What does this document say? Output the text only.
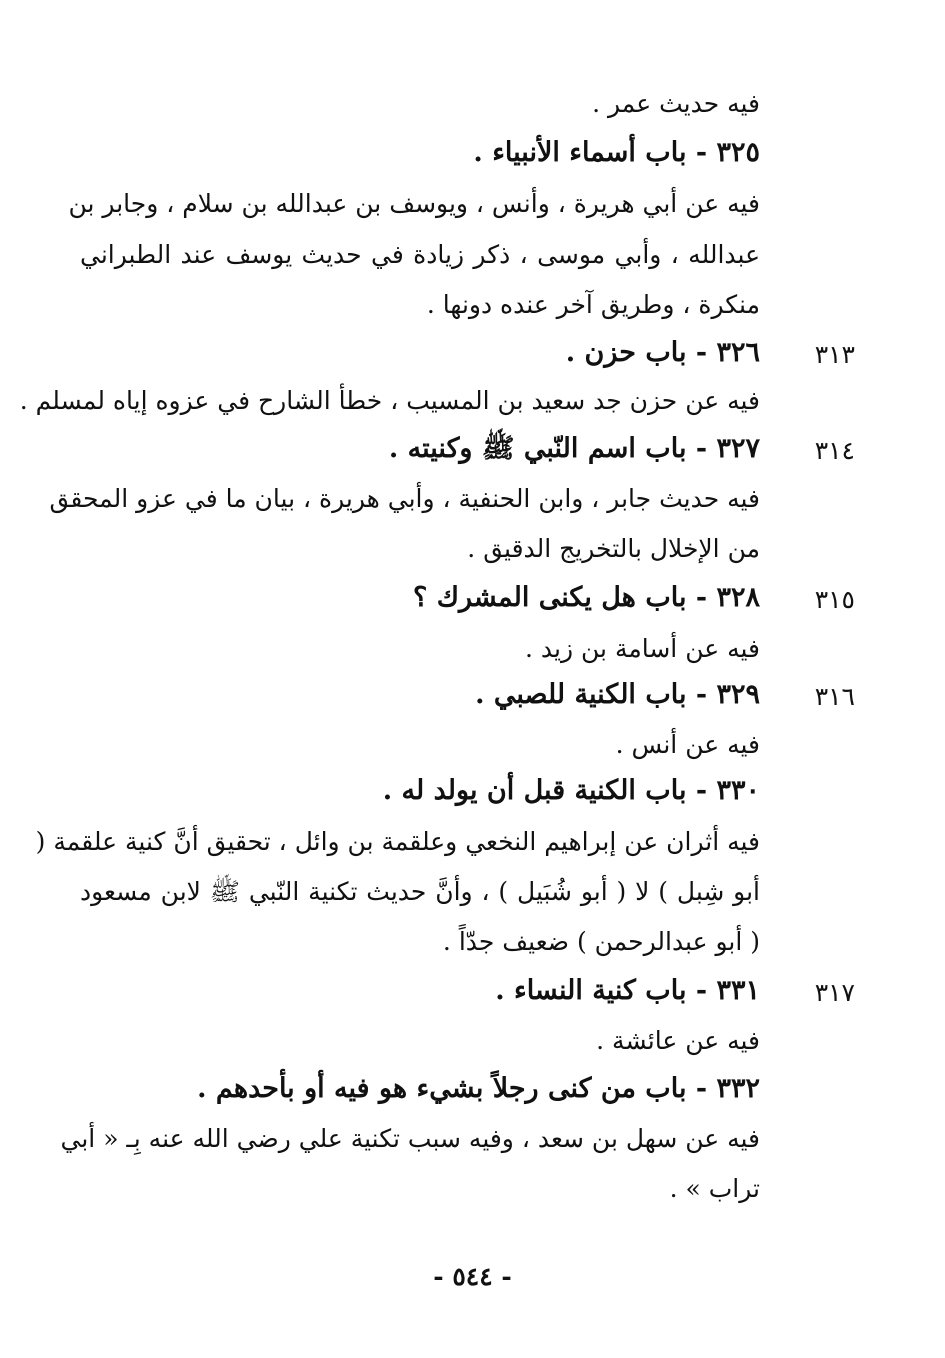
فيه حديث عمر .
٣٢٥ - باب أسماء الأنبياء .
فيه عن أبي هريرة ، وأنس ، ويوسف بن عبدالله بن سلام ، وجابر بن
عبدالله ، وأبي موسى ، ذكر زيادة في حديث يوسف عند الطبراني
منكرة ، وطريق آخر عنده دونها .
٣١٣
٣٢٦ - باب حزن .
فيه عن حزن جد سعيد بن المسيب ، خطأ الشارح في عزوه إياه لمسلم .
٣١٤
٣٢٧ - باب اسم النّبي ﷺ وكنيته .
فيه حديث جابر ، وابن الحنفية ، وأبي هريرة ، بيان ما في عزو المحقق
من الإخلال بالتخريج الدقيق .
٣١٥
٣٢٨ - باب هل يكنى المشرك ؟
فيه عن أسامة بن زيد .
٣١٦
٣٢٩ - باب الكنية للصبي .
فيه عن أنس .
٣٣٠ - باب الكنية قبل أن يولد له .
فيه أثران عن إبراهيم النخعي وعلقمة بن وائل ، تحقيق أنَّ كنية علقمة (
أبو شِبل ) لا ( أبو شُبَيل ) ، وأنَّ حديث تكنية النّبي ﷺ لابن مسعود
( أبو عبدالرحمن ) ضعيف جدّاً .
٣١٧
٣٣١ - باب كنية النساء .
فيه عن عائشة .
٣٣٢ - باب من كنى رجلاً بشيء هو فيه أو بأحدهم .
فيه عن سهل بن سعد ، وفيه سبب تكنية علي رضي الله عنه بِـ « أبي
تراب » .
- ٥٤٤ -
